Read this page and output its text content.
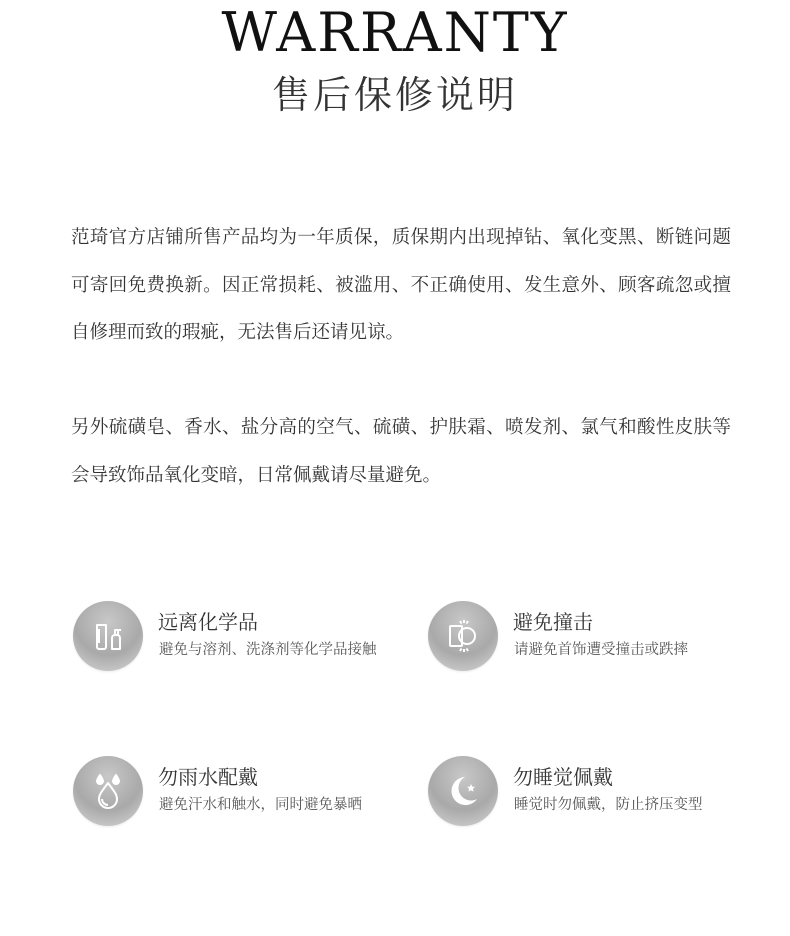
WARRANTY
售后保修说明
范琦官方店铺所售产品均为一年质保，质保期内出现掉钻、氧化变黑、断链问题可寄回免费换新。因正常损耗、被滥用、不正确使用、发生意外、顾客疏忽或擅自修理而致的瑕疵，无法售后还请见谅。
另外硫磺皂、香水、盐分高的空气、硫磺、护肤霜、喷发剂、氯气和酸性皮肤等会导致饰品氧化变暗，日常佩戴请尽量避免。
远离化学品
避免与溶剂、洗涤剂等化学品接触
避免撞击
请避免首饰遭受撞击或跌摔
勿雨水配戴
避免汗水和触水，同时避免暴晒
勿睡觉佩戴
睡觉时勿佩戴，防止挤压变型
